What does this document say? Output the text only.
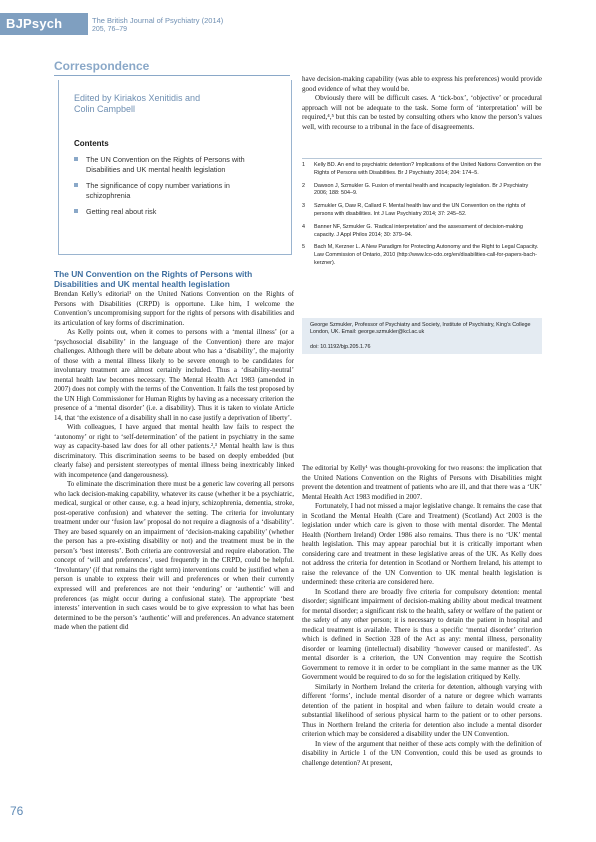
BJPsych	The British Journal of Psychiatry (2014)
205, 76–79
Correspondence
Edited by Kiriakos Xenitidis and
Colin Campbell
Contents
The UN Convention on the Rights of Persons with Disabilities and UK mental health legislation
The significance of copy number variations in schizophrenia
Getting real about risk
The UN Convention on the Rights of Persons with Disabilities and UK mental health legislation

Brendan Kelly’s editorial¹ on the United Nations Convention on the Rights of Persons with Disabilities (CRPD) is opportune. Like him, I welcome the Convention’s uncompromising support for the rights of persons with disabilities and its articulation of key forms of discrimination.

As Kelly points out, when it comes to persons with a ‘mental illness’ (or a ‘psychosocial disability’ in the language of the Convention) there are major challenges. Although there will be debate about who has a ‘disability’, the majority of those with a mental illness likely to be severe enough to be candidates for involuntary treatment are almost certainly included. Thus a ‘disability-neutral’ mental health law becomes necessary. The Mental Health Act 1983 (amended in 2007) does not comply with the terms of the Convention. It fails the test proposed by the UN High Commissioner for Human Rights by having as a necessary criterion the presence of a ‘mental disorder’ (i.e. a disability). Thus it is taken to violate Article 14, that ‘the existence of a disability shall in no case justify a deprivation of liberty’.

With colleagues, I have argued that mental health law fails to respect the ‘autonomy’ or right to ‘self-determination’ of the patient in psychiatry in the same way as capacity-based law does for all other patients.²,³ Mental health law is thus discriminatory. This discrimination seems to be based on deeply embedded (but clearly false) and persistent stereotypes of mental illness being inextricably linked with incompetence (and dangerousness).

To eliminate the discrimination there must be a generic law covering all persons who lack decision-making capability, whatever its cause (whether it be a psychiatric, medical, surgical or other cause, e.g. a head injury, schizophrenia, dementia, stroke, post-operative confusion) and whatever the setting. The criteria for involuntary treatment under our ‘fusion law’ proposal do not require a diagnosis of a ‘disability’. They are based squarely on an impairment of ‘decision-making capability’ (whether the person has a pre-existing disability or not) and the treatment must be in the person’s ‘best interests’. Both criteria are controversial and require elaboration. The concept of ‘will and preferences’, used frequently in the CRPD, could be helpful. ‘Involuntary’ (if that remains the right term) interventions could be justified when a person is unable to express their will and preferences or when their currently expressed will and preferences are not their ‘enduring’ or ‘authentic’ will and preferences (as might occur during a confusional state). The appropriate ‘best interests’ intervention in such cases would be to give expression to what has been determined to be the person’s ‘authentic’ will and preferences. An advance statement made when the patient did

have decision-making capability (was able to express his preferences) would provide good evidence of what they would be.

Obviously there will be difficult cases. A ‘tick-box’, ‘objective’ or procedural approach will not be adequate to the task. Some form of ‘interpretation’ will be required,⁴,⁵ but this can be tested by consulting others who know the person’s values well, with recourse to a tribunal in the face of disagreements.

1 Kelly BD. An end to psychiatric detention? Implications of the United Nations Convention on the Rights of Persons with Disabilities. Br J Psychiatry 2014; 204: 174–5.
2 Dawson J, Szmukler G. Fusion of mental health and incapacity legislation. Br J Psychiatry 2006; 188: 504–9.
3 Szmukler G, Daw R, Callard F. Mental health law and the UN Convention on the rights of persons with disabilities. Int J Law Psychiatry 2014; 37: 245–52.
4 Banner NF, Szmukler G. ‘Radical interpretation’ and the assessment of decision-making capacity. J Appl Philos 2014; 30: 379–94.
5 Bach M, Kerzner L. A New Paradigm for Protecting Autonomy and the Right to Legal Capacity. Law Commission of Ontario, 2010 (http://www.lco-cdo.org/en/disabilities-call-for-papers-bach-kerzner).
George Szmukler, Professor of Psychiatry and Society, Institute of Psychiatry, King’s College London, UK. Email: george.szmukler@kcl.ac.uk
doi: 10.1192/bjp.205.1.76

The editorial by Kelly¹ was thought-provoking for two reasons: the implication that the United Nations Convention on the Rights of Persons with Disabilities might prevent the detention and treatment of patients who are ill, and that there was a ‘UK’ Mental Health Act 1983 modified in 2007.

Fortunately, I had not missed a major legislative change. It remains the case that in Scotland the Mental Health (Care and Treatment) (Scotland) Act 2003 is the legislation under which care is given to those with mental disorder. The Mental Health (Northern Ireland) Order 1986 also remains. Thus there is no ‘UK’ mental health legislation. This may appear parochial but it is critically important when considering care and treatment in these legislative areas of the UK. As Kelly does not address the criteria for detention in Scotland or Northern Ireland, his attempt to raise the relevance of the UN Convention to UK mental health legislation is undermined: these criteria are considered here.

In Scotland there are broadly five criteria for compulsory detention: mental disorder; significant impairment of decision-making ability about medical treatment for mental disorder; a significant risk to the health, safety or welfare of the patient or the safety of any other person; it is necessary to detain the patient in hospital and medical treatment is available. There is thus a specific ‘mental disorder’ criterion which is defined in Section 328 of the Act as any: mental illness, personality disorder or learning (intellectual) disability ‘however caused or manifested’. As mental disorder is a criterion, the UN Convention may require the Scottish Government to remove it in order to be compliant in the same manner as the UK Government would be required to do so for the legislation critiqued by Kelly.

Similarly in Northern Ireland the criteria for detention, although varying with different ‘forms’, include mental disorder of a nature or degree which warrants detention of the patient in hospital and when failure to detain would create a substantial likelihood of serious physical harm to the patient or to other persons. Thus in Northern Ireland the criteria for detention also include a mental disorder criterion which may be considered a disability under the UN Convention.

In view of the argument that neither of these acts comply with the definition of disability in Article 1 of the UN Convention, could this be used as grounds to challenge detention? At present,

76
